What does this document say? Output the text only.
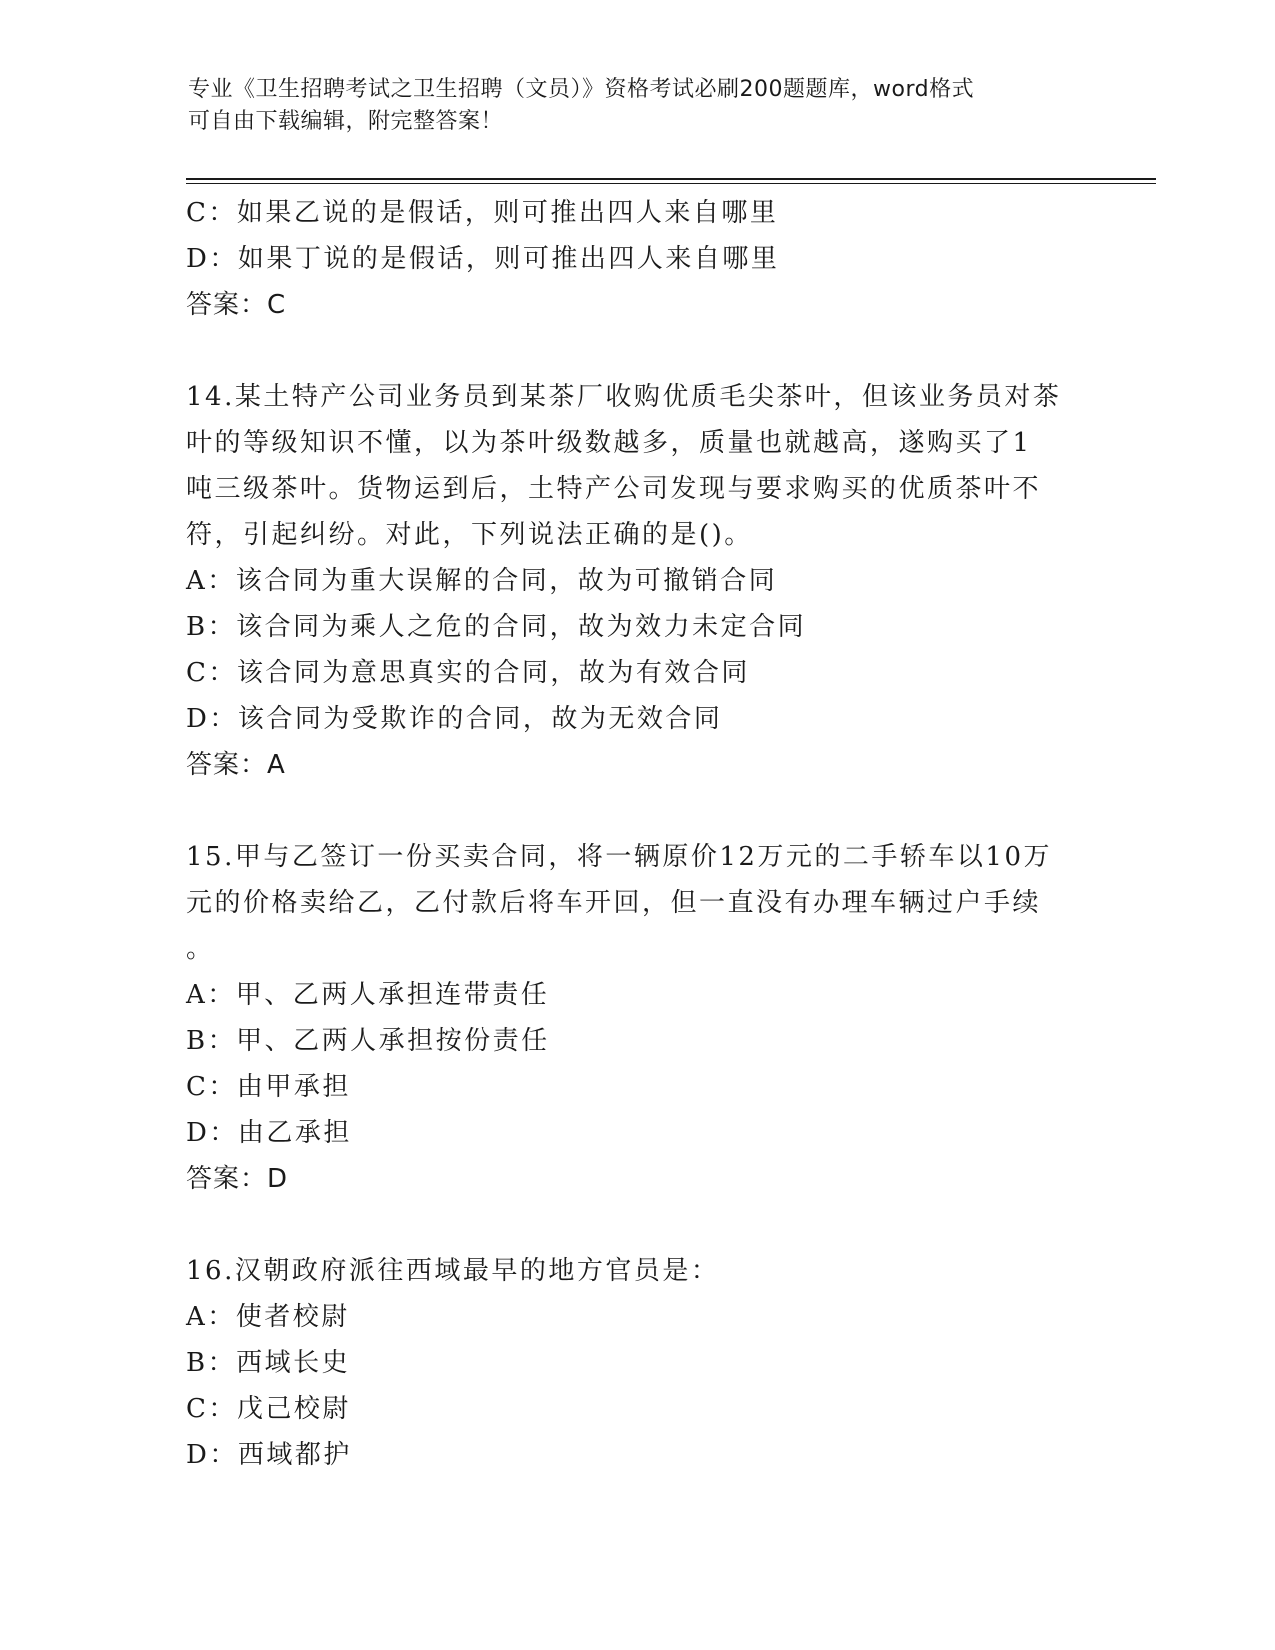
专业《卫生招聘考试之卫生招聘（文员）》资格考试必刷200题题库，word格式
可自由下载编辑，附完整答案！
C：如果乙说的是假话，则可推出四人来自哪里
D：如果丁说的是假话，则可推出四人来自哪里
答案：C
14.某土特产公司业务员到某茶厂收购优质毛尖茶叶，但该业务员对茶
叶的等级知识不懂，以为茶叶级数越多，质量也就越高，遂购买了1
吨三级茶叶。货物运到后，土特产公司发现与要求购买的优质茶叶不
符，引起纠纷。对此，下列说法正确的是()。
A：该合同为重大误解的合同，故为可撤销合同
B：该合同为乘人之危的合同，故为效力未定合同
C：该合同为意思真实的合同，故为有效合同
D：该合同为受欺诈的合同，故为无效合同
答案：A
15.甲与乙签订一份买卖合同，将一辆原价12万元的二手轿车以10万
元的价格卖给乙，乙付款后将车开回，但一直没有办理车辆过户手续
。
A：甲、乙两人承担连带责任
B：甲、乙两人承担按份责任
C：由甲承担
D：由乙承担
答案：D
16.汉朝政府派往西域最早的地方官员是：
A：使者校尉
B：西域长史
C：戊己校尉
D：西域都护
